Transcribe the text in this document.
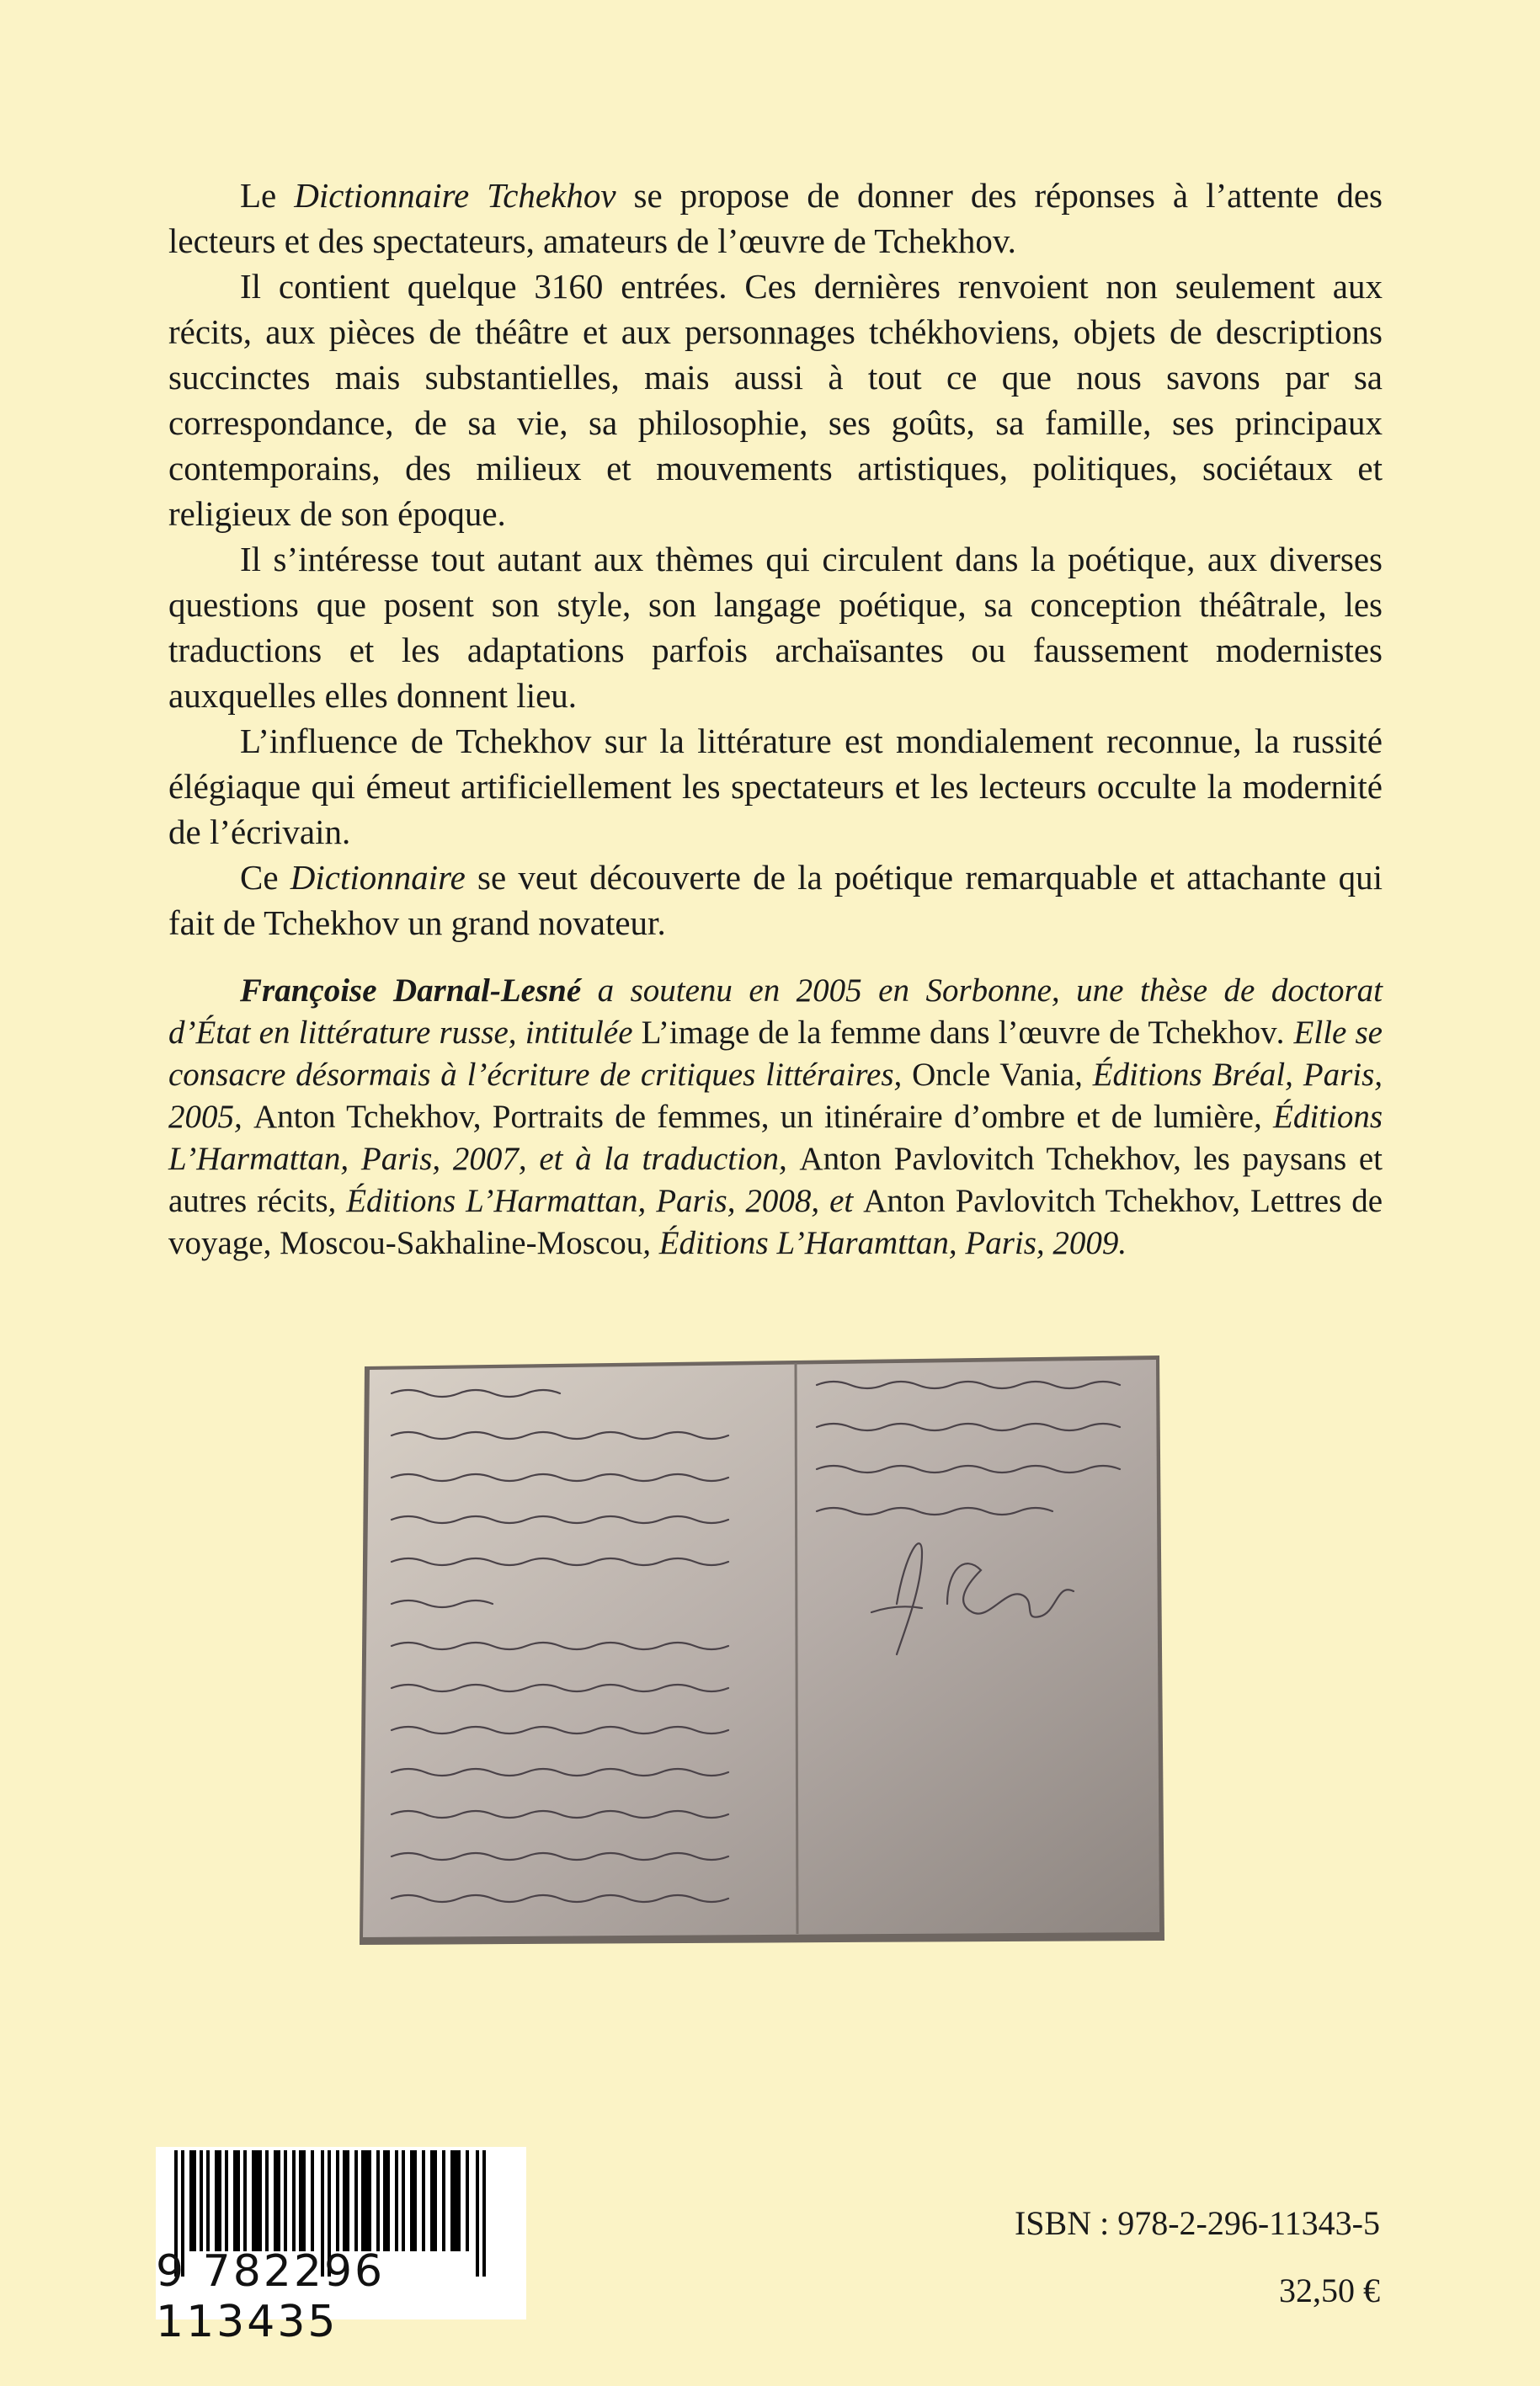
Le Dictionnaire Tchekhov se propose de donner des réponses à l’attente des lecteurs et des spectateurs, amateurs de l’œuvre de Tchekhov.

Il contient quelque 3160 entrées. Ces dernières renvoient non seulement aux récits, aux pièces de théâtre et aux personnages tchékhoviens, objets de descriptions succinctes mais substantielles, mais aussi à tout ce que nous savons par sa correspondance, de sa vie, sa philosophie, ses goûts, sa famille, ses principaux contemporains, des milieux et mouvements artistiques, politiques, sociétaux et religieux de son époque.

Il s’intéresse tout autant aux thèmes qui circulent dans la poétique, aux diverses questions que posent son style, son langage poétique, sa conception théâtrale, les traductions et les adaptations parfois archaïsantes ou faussement modernistes auxquelles elles donnent lieu.

L’influence de Tchekhov sur la littérature est mondialement reconnue, la russité élégiaque qui émeut artificiellement les spectateurs et les lecteurs occulte la modernité de l’écrivain.

Ce Dictionnaire se veut découverte de la poétique remarquable et attachante qui fait de Tchekhov un grand novateur.

Françoise Darnal-Lesné a soutenu en 2005 en Sorbonne, une thèse de doctorat d’État en littérature russe, intitulée L’image de la femme dans l’œuvre de Tchekhov. Elle se consacre désormais à l’écriture de critiques littéraires, Oncle Vania, Éditions Bréal, Paris, 2005, Anton Tchekhov, Portraits de femmes, un itinéraire d’ombre et de lumière, Éditions L’Harmattan, Paris, 2007, et à la traduction, Anton Pavlovitch Tchekhov, les paysans et autres récits, Éditions L’Harmattan, Paris, 2008, et Anton Pavlovitch Tchekhov, Lettres de voyage, Moscou-Sakhaline-Moscou, Éditions L’Haramttan, Paris, 2009.

9 782296 113435
ISBN : 978-2-296-11343-5
32,50 €
